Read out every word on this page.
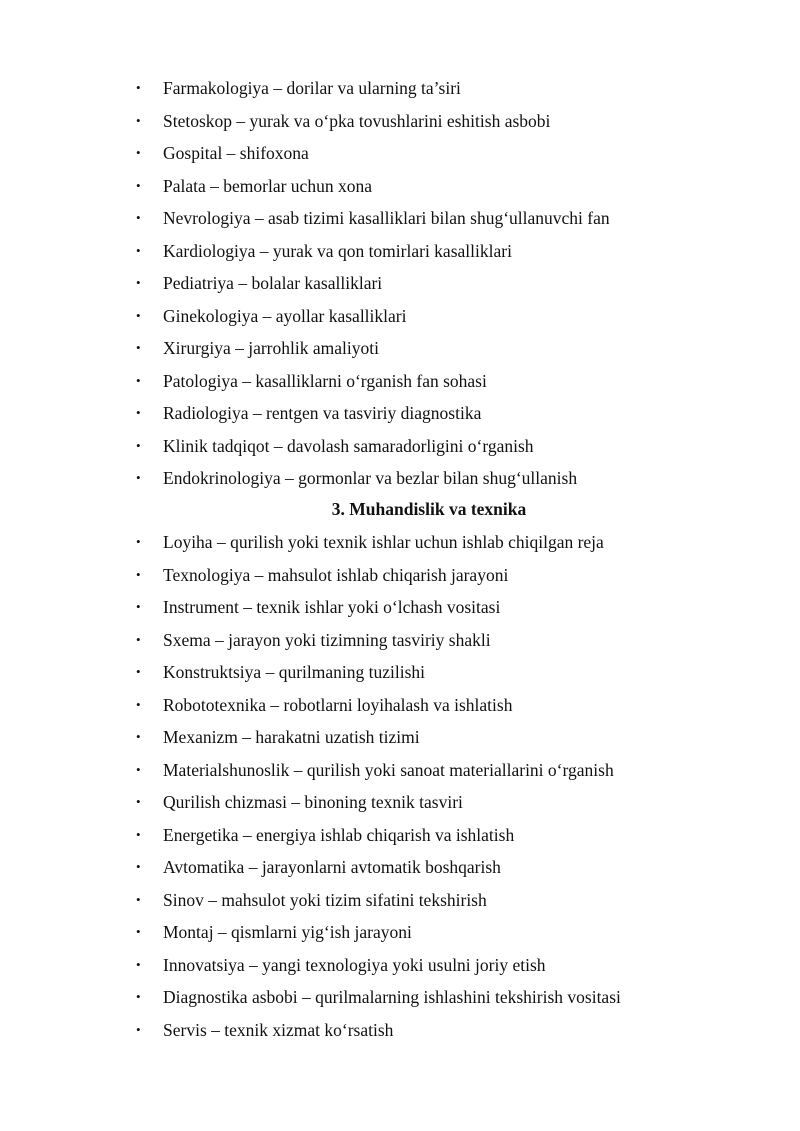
• Farmakologiya – dorilar va ularning ta’siri
• Stetoskop – yurak va o‘pka tovushlarini eshitish asbobi
• Gospital – shifoxona
• Palata – bemorlar uchun xona
• Nevrologiya – asab tizimi kasalliklari bilan shug‘ullanuvchi fan
• Kardiologiya – yurak va qon tomirlari kasalliklari
• Pediatriya – bolalar kasalliklari
• Ginekologiya – ayollar kasalliklari
• Xirurgiya – jarrohlik amaliyoti
• Patologiya – kasalliklarni o‘rganish fan sohasi
• Radiologiya – rentgen va tasviriy diagnostika
• Klinik tadqiqot – davolash samaradorligini o‘rganish
• Endokrinologiya – gormonlar va bezlar bilan shug‘ullanish
3. Muhandislik va texnika
• Loyiha – qurilish yoki texnik ishlar uchun ishlab chiqilgan reja
• Texnologiya – mahsulot ishlab chiqarish jarayoni
• Instrument – texnik ishlar yoki o‘lchash vositasi
• Sxema – jarayon yoki tizimning tasviriy shakli
• Konstruktsiya – qurilmaning tuzilishi
• Robototexnika – robotlarni loyihalash va ishlatish
• Mexanizm – harakatni uzatish tizimi
• Materialshunoslik – qurilish yoki sanoat materiallarini o‘rganish
• Qurilish chizmasi – binoning texnik tasviri
• Energetika – energiya ishlab chiqarish va ishlatish
• Avtomatika – jarayonlarni avtomatik boshqarish
• Sinov – mahsulot yoki tizim sifatini tekshirish
• Montaj – qismlarni yig‘ish jarayoni
• Innovatsiya – yangi texnologiya yoki usulni joriy etish
• Diagnostika asbobi – qurilmalarning ishlashini tekshirish vositasi
• Servis – texnik xizmat ko‘rsatish
